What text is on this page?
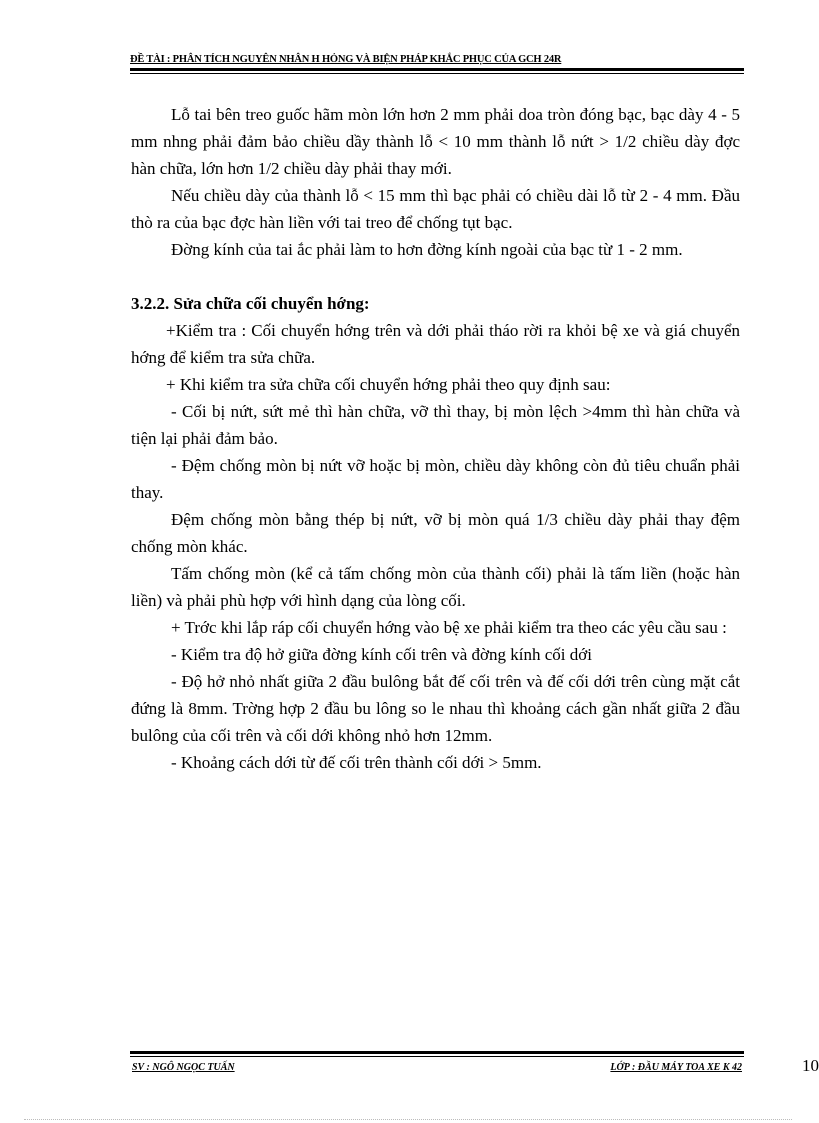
ĐỀ TÀI : PHÂN TÍCH NGUYÊN NHÂN H HỎNG VÀ BIỆN PHÁP KHẮC PHỤC CỦA GCH 24R

Lỗ tai bên treo guốc hãm mòn lớn hơn 2 mm phải doa tròn đóng bạc, bạc dày 4 - 5 mm nhng phải đảm bảo chiều dầy thành lỗ < 10 mm thành lỗ nứt > 1/2 chiều dày đợc hàn chữa, lớn hơn 1/2 chiều dày phải thay mới.

Nếu chiều dày của thành lỗ < 15 mm thì bạc phải có chiều dài lỗ từ 2 - 4 mm. Đầu thò ra của bạc đợc hàn liền với tai treo để chống tụt bạc.

Đờng kính của tai ắc phải làm to hơn đờng kính ngoài của bạc từ 1 - 2 mm.

3.2.2. Sửa chữa cối chuyển hớng:

+Kiểm tra : Cối chuyển hớng trên và dới phải tháo rời ra khỏi bệ xe và giá chuyển hớng để kiểm tra sửa chữa.

+ Khi kiểm tra sửa chữa cối chuyển hớng phải theo quy định sau:

- Cối bị nứt, sứt mẻ thì hàn chữa, vỡ thì thay, bị mòn lệch >4mm thì hàn chữa và tiện lại phải đảm bảo.

- Đệm chống mòn bị nứt vỡ hoặc bị mòn, chiều dày không còn đủ tiêu chuẩn phải thay.

Đệm chống mòn bằng thép bị nứt, vỡ bị mòn quá 1/3 chiều dày phải thay đệm chống mòn khác.

Tấm chống mòn (kể cả tấm chống mòn của thành cối) phải là tấm liền (hoặc hàn liền) và phải phù hợp với hình dạng của lòng cối.

+ Trớc khi lắp ráp cối chuyển hớng vào bệ xe phải kiểm tra theo các yêu cầu sau :

- Kiểm tra độ hở giữa đờng kính cối trên và đờng kính cối dới

- Độ hở nhỏ nhất giữa 2 đầu bulông bắt đế cối trên và đế cối dới trên cùng mặt cắt đứng là 8mm. Trờng hợp 2 đầu bu lông so le nhau thì khoảng cách gần nhất giữa 2 đầu bulông của cối trên và cối dới không nhỏ hơn 12mm.

- Khoảng cách dới từ đế cối trên thành cối dới > 5mm.

SV : NGÔ NGỌC TUẤN	LỚP : ĐẦU MÁY TOA XE K 42	10
